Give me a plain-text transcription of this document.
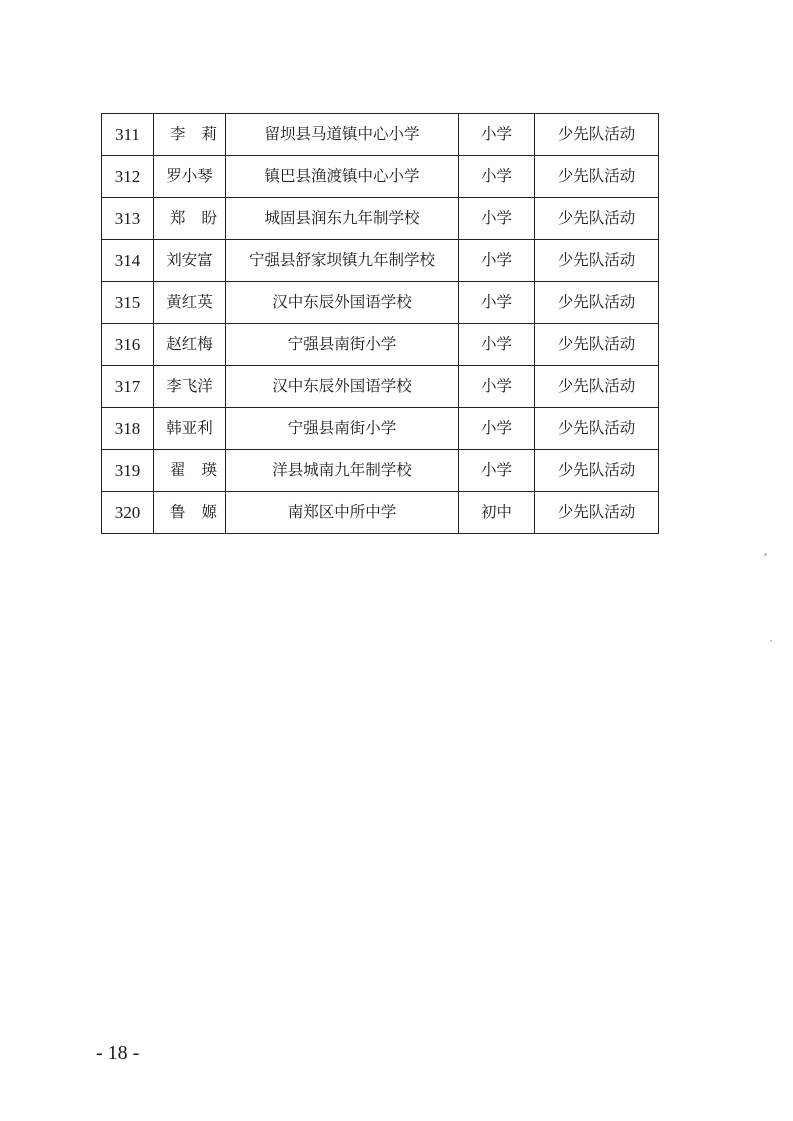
311	李莉	留坝县马道镇中心小学	小学	少先队活动
312	罗小琴	镇巴县渔渡镇中心小学	小学	少先队活动
313	郑盼	城固县润东九年制学校	小学	少先队活动
314	刘安富	宁强县舒家坝镇九年制学校	小学	少先队活动
315	黄红英	汉中东辰外国语学校	小学	少先队活动
316	赵红梅	宁强县南街小学	小学	少先队活动
317	李飞洋	汉中东辰外国语学校	小学	少先队活动
318	韩亚利	宁强县南街小学	小学	少先队活动
319	翟瑛	洋县城南九年制学校	小学	少先队活动
320	鲁嫄	南郑区中所中学	初中	少先队活动
- 18 -
